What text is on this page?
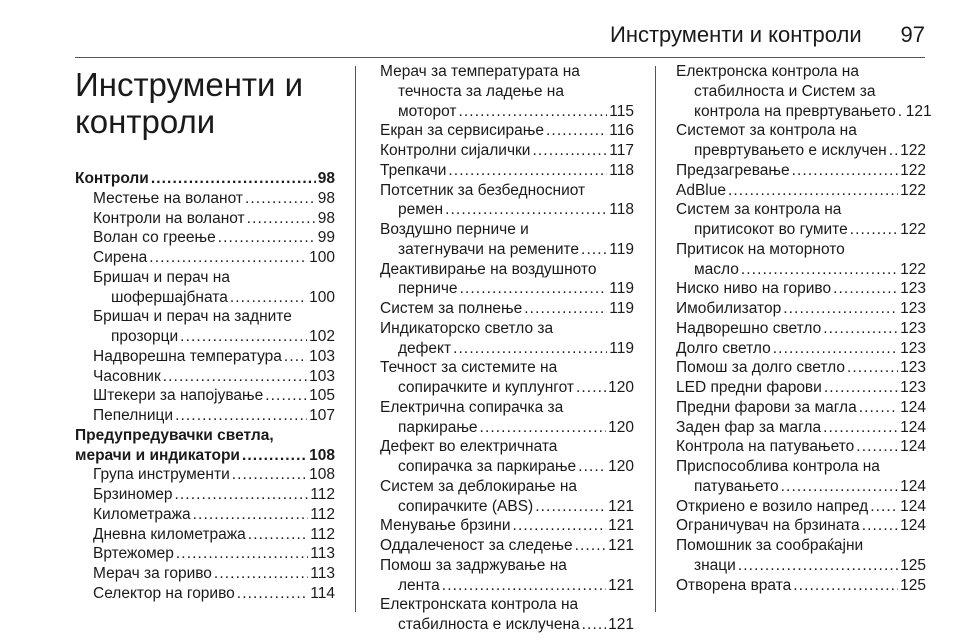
Инструменти и контроли 97
Инструменти и
контроли
Контроли . . .	98
Местење на воланот . . .	98
Контроли на воланот . . .	98
Волан со греење . . .	99
Сирена . . .	100
Бришач и перач на
шофершајбната . . .	100
Бришач и перач на задните
прозорци . . .	102
Надворешна температура . . . 103
Часовник . . .	103
Штекери за напојување . . .	105
Пепелници . . .	107
Предупредувачки светла,
мерачи и индикатори . . .	108
Група инструменти . . .	108
Брзиномер . . .	112
Километража . . .	112
Дневна километража . . .	112
Вртежомер . . .	113
Мерач за гориво . . .	113
Селектор на гориво . . .	114
Мерач за температурата на
течноста за ладење на
моторот . . .	115
Екран за сервисирање . . .	116
Контролни сијалички . . .	117
Трепкачи . . .	118
Потсетник за безбедносниот
ремен . . .	118
Воздушно перниче и
затегнувачи на ремените . . . 119
Деактивирање на воздушното
перниче . . .	119
Систем за полнење . . .	119
Индикаторско светло за
дефект . . .	119
Течност за системите на
сопирачките и куплунгот . . . 120
Електрична сопирачка за
паркирање . . .	120
Дефект во електричната
сопирачка за паркирање . . . 120
Систем за деблокирање на
сопирачките (ABS) . . .	121
Менување брзини . . .	121
Оддалеченост за следење . . . 121
Помош за задржување на
лента . . .	121
Електронската контрола на
стабилноста е исклучена . . . 121
Електронска контрола на
стабилноста и Систем за
контрола на превртувањето . . . 121
Системот за контрола на
превртувањето е исклучен . . . 122
Предзагревање . . .	122
AdBlue . . .	122
Систем за контрола на
притисокот во гумите . . .	122
Притисок на моторното
масло . . .	122
Ниско ниво на гориво . . .	123
Имобилизатор . . .	123
Надворешно светло . . .	123
Долго светло . . .	123
Помош за долго светло . . .	123
LED предни фарови . . .	123
Предни фарови за магла . . .	124
Заден фар за магла . . .	124
Контрола на патувањето . . .	124
Приспособлива контрола на
патувањето . . .	124
Откриено е возило напред . . . 124
Ограничувач на брзината . . .	124
Помошник за сообраќајни
знаци . . .	125
Отворена врата . . .	125
